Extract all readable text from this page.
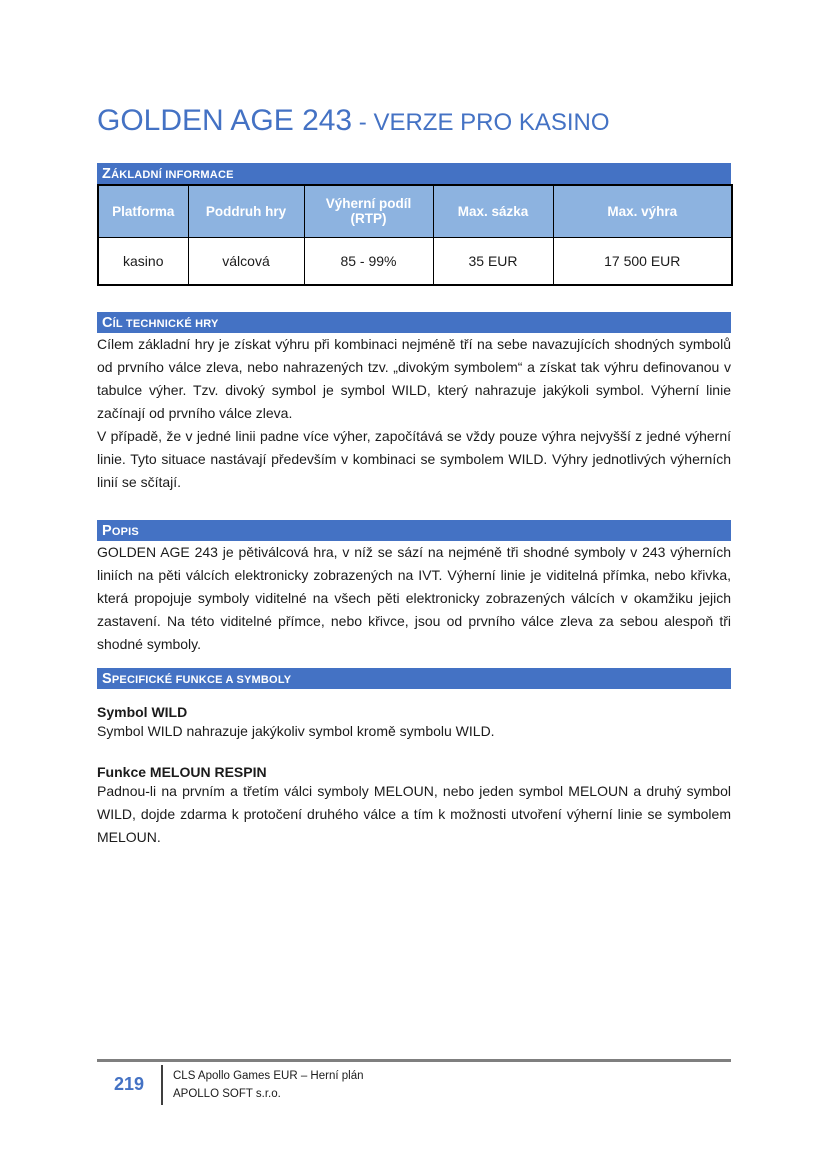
GOLDEN AGE 243 - VERZE PRO KASINO
ZÁKLADNÍ INFORMACE
Platforma	Poddruh hry	Výherní podíl (RTP)	Max. sázka	Max. výhra
kasino	válcová	85 - 99%	35 EUR	17 500 EUR
CÍL TECHNICKÉ HRY

Cílem základní hry je získat výhru při kombinaci nejméně tří na sebe navazujících shodných symbolů od prvního válce zleva, nebo nahrazených tzv. „divokým symbolem“ a získat tak výhru definovanou v tabulce výher. Tzv. divoký symbol je symbol WILD, který nahrazuje jakýkoli symbol. Výherní linie začínají od prvního válce zleva.

V případě, že v jedné linii padne více výher, započítává se vždy pouze výhra nejvyšší z jedné výherní linie. Tyto situace nastávají především v kombinaci se symbolem WILD. Výhry jednotlivých výherních linií se sčítají.

POPIS

GOLDEN AGE 243 je pětiválcová hra, v níž se sází na nejméně tři shodné symboly v 243 výherních liniích na pěti válcích elektronicky zobrazených na IVT. Výherní linie je viditelná přímka, nebo křivka, která propojuje symboly viditelné na všech pěti elektronicky zobrazených válcích v okamžiku jejich zastavení. Na této viditelné přímce, nebo křivce, jsou od prvního válce zleva za sebou alespoň tři shodné symboly.

SPECIFICKÉ FUNKCE A SYMBOLY

Symbol WILD

Symbol WILD nahrazuje jakýkoliv symbol kromě symbolu WILD.

Funkce MELOUN RESPIN

Padnou-li na prvním a třetím válci symboly MELOUN, nebo jeden symbol MELOUN a druhý symbol WILD, dojde zdarma k protočení druhého válce a tím k možnosti utvoření výherní linie se symbolem MELOUN.

219	CLS Apollo Games EUR – Herní plán
APOLLO SOFT s.r.o.
